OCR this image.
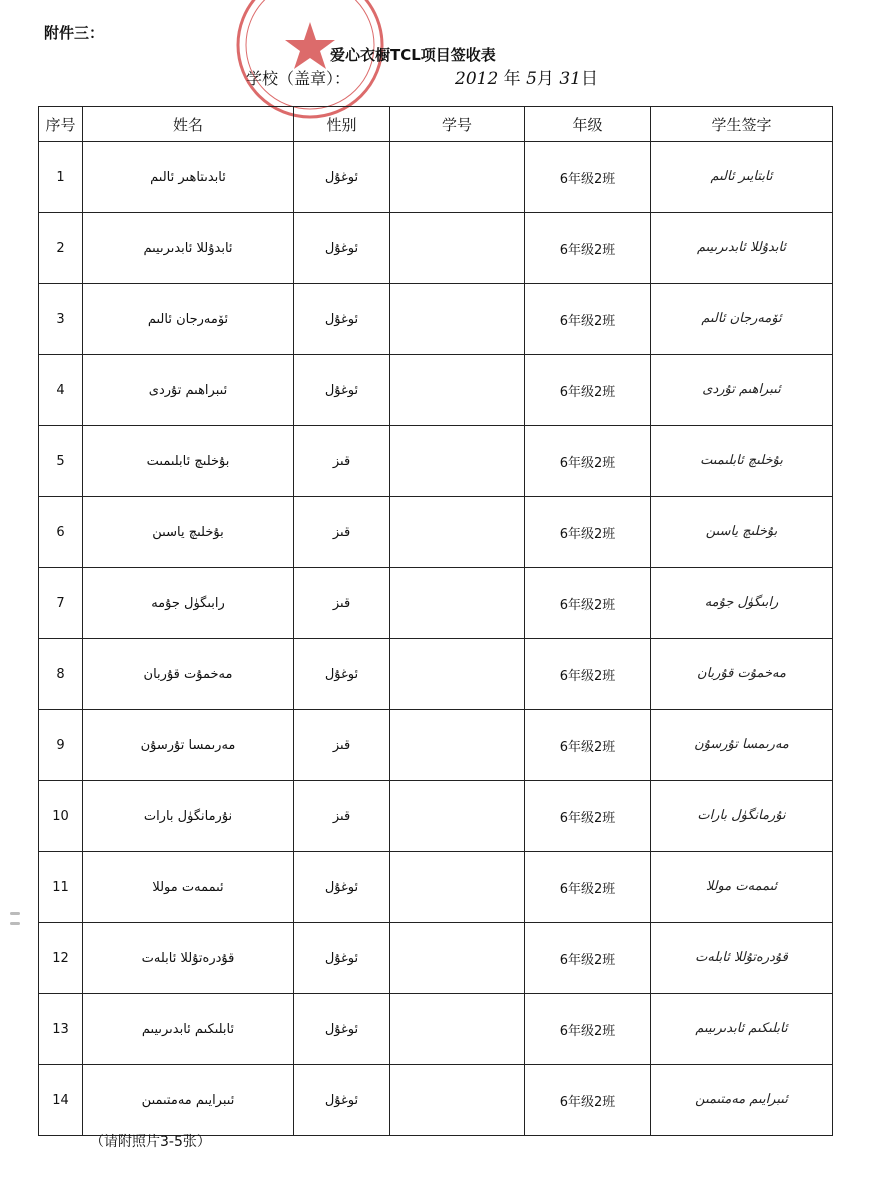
附件三：
爱心衣橱TCL项目签收表
学校（盖章）：	2012 年 5月 31日
序号	姓名	性别	学号	年级	学生签字
1	ئابدىتاھىر ئالىم	ئوغۇل		6年级2班	ئابتايىر ئالىم
2	ئابدۇللا ئابدىرىيىم	ئوغۇل		6年级2班	ئابدۇللا ئابدىرىيىم
3	ئۆمەرجان ئالىم	ئوغۇل		6年级2班	ئۆمەرجان ئالىم
4	ئىبراھىم تۇردى	ئوغۇل		6年级2班	ئىبراھىم تۇردى
5	بۇخلىچ ئابلىمىت	قىز		6年级2班	بۇخلىچ ئابلىمىت
6	بۇخلىچ ياسىن	قىز		6年级2班	بۇخلىچ ياسىن
7	رابىگۈل جۇمە	قىز		6年级2班	رابىگۈل جۇمە
8	مەخمۇت قۇربان	ئوغۇل		6年级2班	مەخمۇت قۇربان
9	مەرىمسا تۇرسۇن	قىز		6年级2班	مەرىمسا تۇرسۇن
10	نۇرمانگۈل بارات	قىز		6年级2班	نۇرمانگۈل بارات
11	ئىممەت موللا	ئوغۇل		6年级2班	ئىممەت موللا
12	قۇدرەتۇللا ئابلەت	ئوغۇل		6年级2班	قۇدرەتۇللا ئابلەت
13	ئابلىكىم ئابدىرىيىم	ئوغۇل		6年级2班	ئابلىكىم ئابدىرىيىم
14	ئىبرايىم مەمتىمىن	ئوغۇل		6年级2班	ئىبرايىم مەمتىمىن
（请附照片3-5张）
